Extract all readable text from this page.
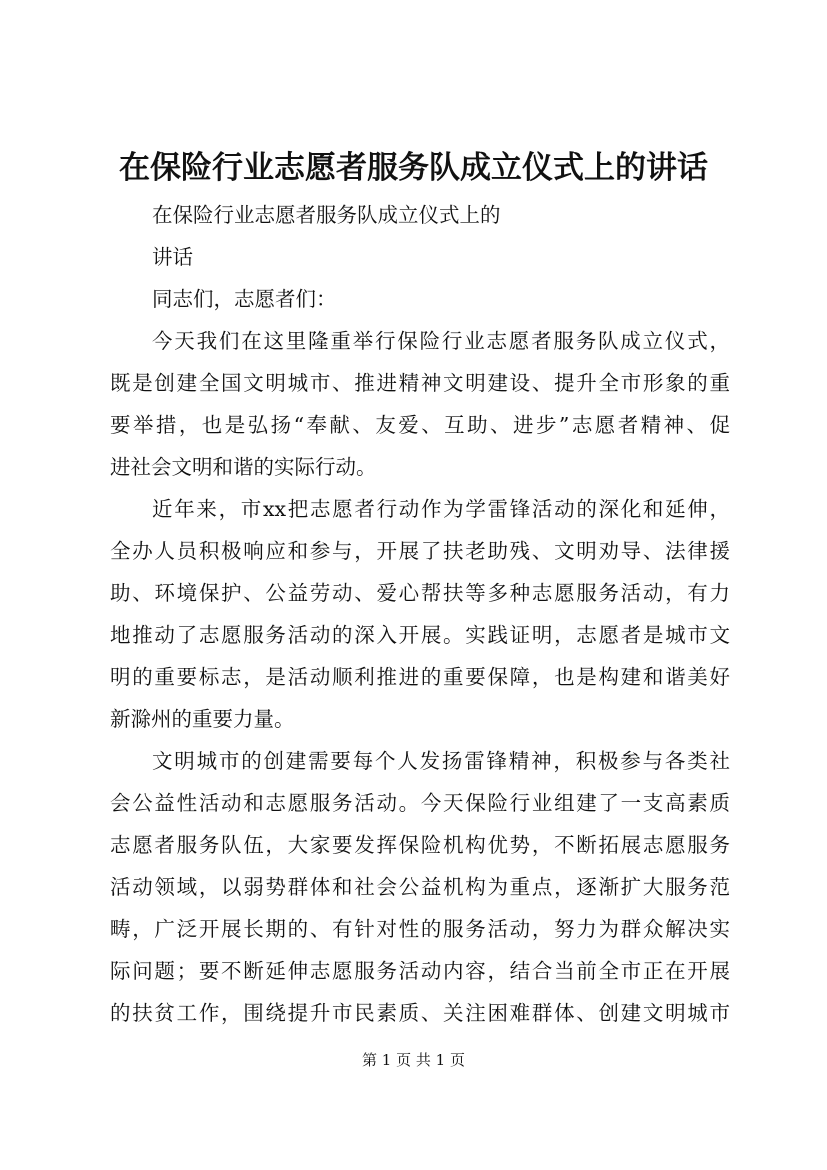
在保险行业志愿者服务队成立仪式上的讲话
在保险行业志愿者服务队成立仪式上的
讲话
同志们，志愿者们：
今天我们在这里隆重举行保险行业志愿者服务队成立仪式，
既是创建全国文明城市、推进精神文明建设、提升全市形象的重
要举措，也是弘扬“奉献、友爱、互助、进步”志愿者精神、促
进社会文明和谐的实际行动。
近年来，市xx把志愿者行动作为学雷锋活动的深化和延伸，
全办人员积极响应和参与，开展了扶老助残、文明劝导、法律援
助、环境保护、公益劳动、爱心帮扶等多种志愿服务活动，有力
地推动了志愿服务活动的深入开展。实践证明，志愿者是城市文
明的重要标志，是活动顺利推进的重要保障，也是构建和谐美好
新滁州的重要力量。
文明城市的创建需要每个人发扬雷锋精神，积极参与各类社
会公益性活动和志愿服务活动。今天保险行业组建了一支高素质
志愿者服务队伍，大家要发挥保险机构优势，不断拓展志愿服务
活动领域，以弱势群体和社会公益机构为重点，逐渐扩大服务范
畴，广泛开展长期的、有针对性的服务活动，努力为群众解决实
际问题；要不断延伸志愿服务活动内容，结合当前全市正在开展
的扶贫工作，围绕提升市民素质、关注困难群体、创建文明城市
第 1 页 共 1 页
